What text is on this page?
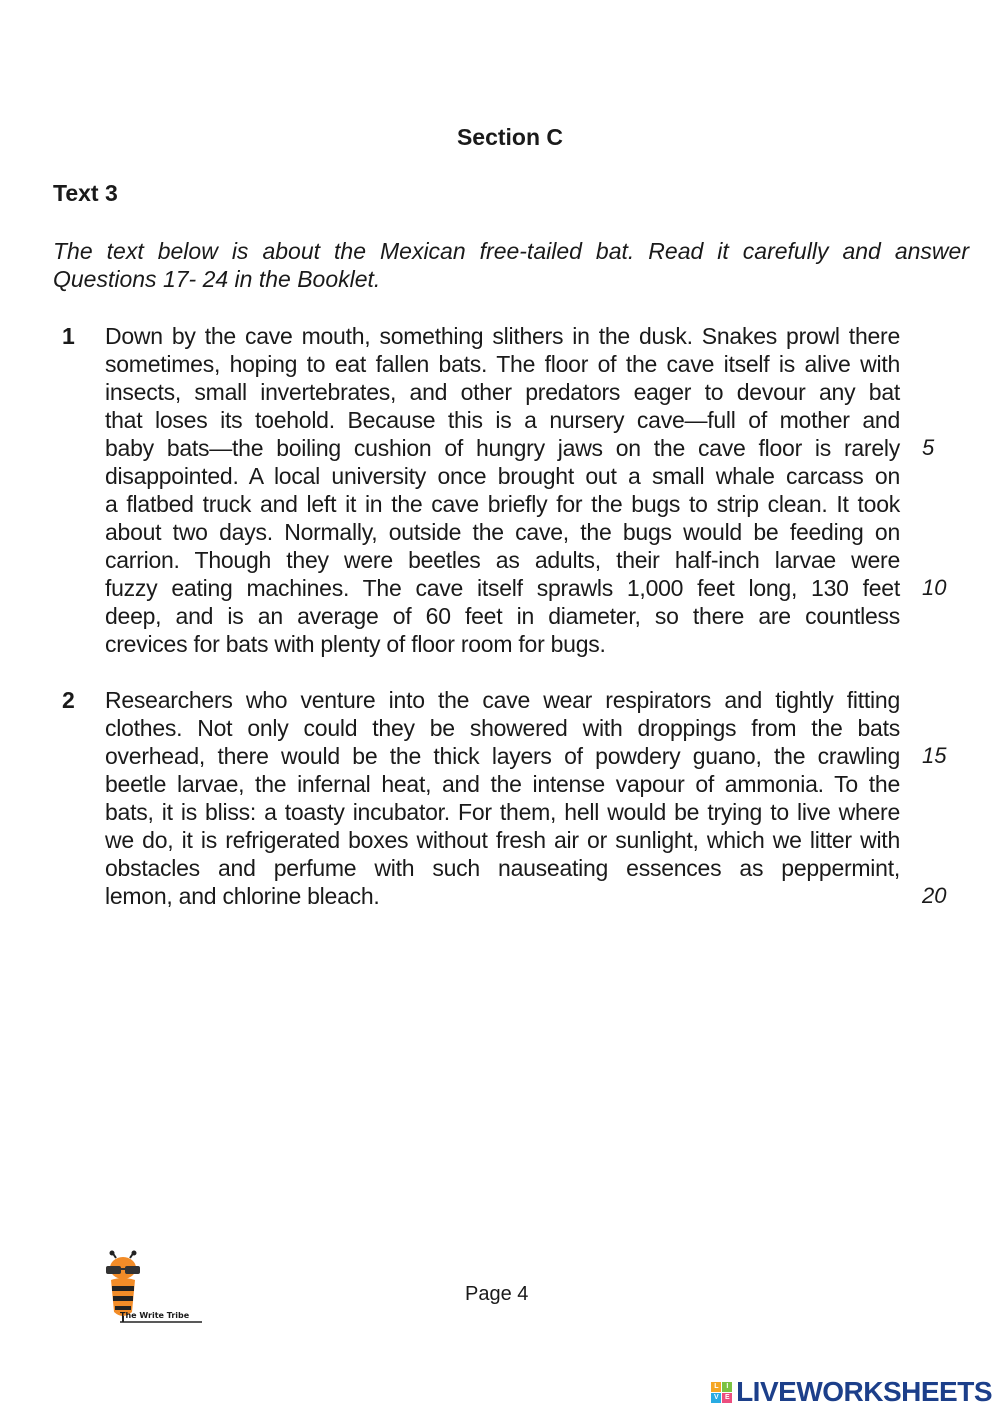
Section C
Text 3

The text below is about the Mexican free-tailed bat. Read it carefully and answer Questions 17- 24 in the Booklet.

1 Down by the cave mouth, something slithers in the dusk. Snakes prowl there
sometimes, hoping to eat fallen bats. The floor of the cave itself is alive with
insects, small invertebrates, and other predators eager to devour any bat
that loses its toehold. Because this is a nursery cave—full of mother and
baby bats—the boiling cushion of hungry jaws on the cave floor is rarely
disappointed. A local university once brought out a small whale carcass on
a flatbed truck and left it in the cave briefly for the bugs to strip clean. It took
about two days. Normally, outside the cave, the bugs would be feeding on
carrion. Though they were beetles as adults, their half-inch larvae were
fuzzy eating machines. The cave itself sprawls 1,000 feet long, 130 feet
deep, and is an average of 60 feet in diameter, so there are countless
crevices for bats with plenty of floor room for bugs.
2 Researchers who venture into the cave wear respirators and tightly fitting
clothes. Not only could they be showered with droppings from the bats
overhead, there would be the thick layers of powdery guano, the crawling
beetle larvae, the infernal heat, and the intense vapour of ammonia. To the
bats, it is bliss: a toasty incubator. For them, hell would be trying to live where
we do, it is refrigerated boxes without fresh air or sunlight, which we litter with
obstacles and perfume with such nauseating essences as peppermint,
lemon, and chlorine bleach.
5
10
15
20
The Write Tribe
Page 4
L	I
V E LIVEWORKSHEETS
